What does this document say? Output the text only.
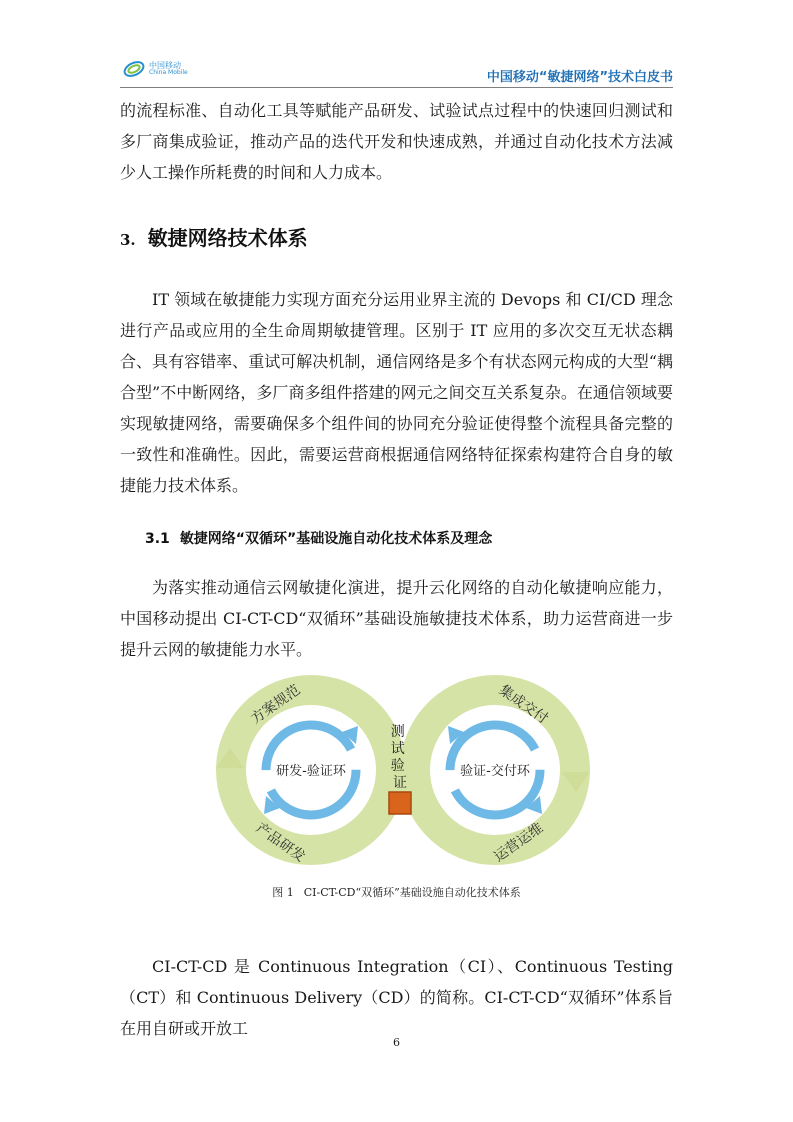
中国移动
China Mobile	中国移动“敏捷网络”技术白皮书
的流程标准、自动化工具等赋能产品研发、试验试点过程中的快速回归测试和多厂商集成验证，推动产品的迭代开发和快速成熟，并通过自动化技术方法减少人工操作所耗费的时间和人力成本。
3. 敏捷网络技术体系
IT 领域在敏捷能力实现方面充分运用业界主流的 Devops 和 CI/CD 理念进行产品或应用的全生命周期敏捷管理。区别于 IT 应用的多次交互无状态耦合、具有容错率、重试可解决机制，通信网络是多个有状态网元构成的大型“耦合型”不中断网络，多厂商多组件搭建的网元之间交互关系复杂。在通信领域要实现敏捷网络，需要确保多个组件间的协同充分验证使得整个流程具备完整的一致性和准确性。因此，需要运营商根据通信网络特征探索构建符合自身的敏捷能力技术体系。
3.1 敏捷网络“双循环”基础设施自动化技术体系及理念
为落实推动通信云网敏捷化演进，提升云化网络的自动化敏捷响应能力，中国移动提出 CI-CT-CD“双循环”基础设施敏捷技术体系，助力运营商进一步提升云网的敏捷能力水平。
研发-验证环	验证-交付环
方案规范
产品研发
集成交付
运营运维
测 试 验 证
图 1 CI-CT-CD“双循环”基础设施自动化技术体系
CI-CT-CD 是 Continuous Integration（CI）、Continuous Testing（CT）和 Continuous Delivery（CD）的简称。CI-CT-CD“双循环”体系旨在用自研或开放工
6
